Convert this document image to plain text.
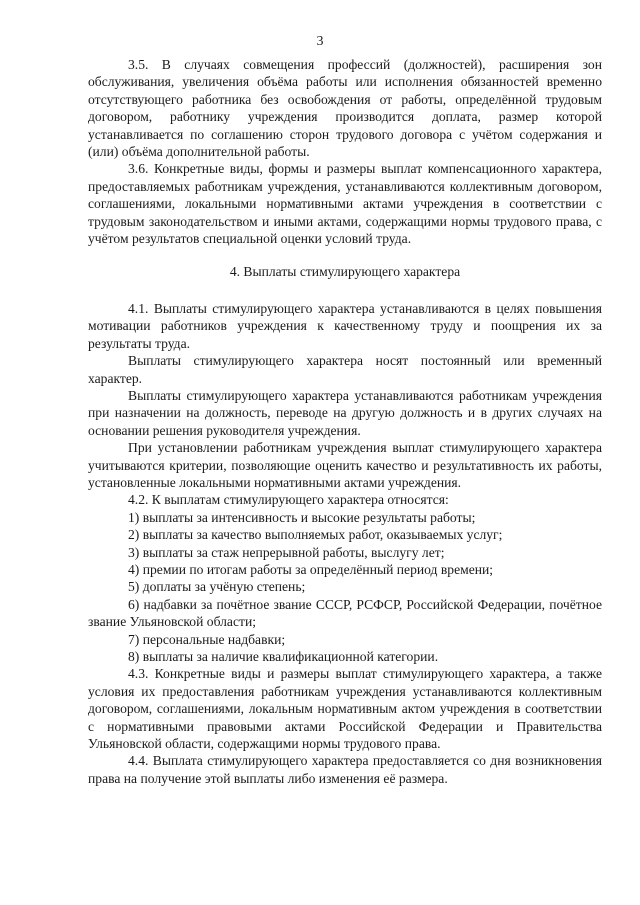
3

3.5. В случаях совмещения профессий (должностей), расширения зон обслуживания, увеличения объёма работы или исполнения обязанностей временно отсутствующего работника без освобождения от работы, определённой трудовым договором, работнику учреждения производится доплата, размер которой устанавливается по соглашению сторон трудового договора с учётом содержания и (или) объёма дополнительной работы.

3.6. Конкретные виды, формы и размеры выплат компенсационного характера, предоставляемых работникам учреждения, устанавливаются коллективным договором, соглашениями, локальными нормативными актами учреждения в соответствии с трудовым законодательством и иными актами, содержащими нормы трудового права, с учётом результатов специальной оценки условий труда.

4. Выплаты стимулирующего характера

4.1. Выплаты стимулирующего характера устанавливаются в целях повышения мотивации работников учреждения к качественному труду и поощрения их за результаты труда.

Выплаты стимулирующего характера носят постоянный или временный характер.

Выплаты стимулирующего характера устанавливаются работникам учреждения при назначении на должность, переводе на другую должность и в других случаях на основании решения руководителя учреждения.

При установлении работникам учреждения выплат стимулирующего характера учитываются критерии, позволяющие оценить качество и результативность их работы, установленные локальными нормативными актами учреждения.

4.2. К выплатам стимулирующего характера относятся:

1) выплаты за интенсивность и высокие результаты работы;

2) выплаты за качество выполняемых работ, оказываемых услуг;

3) выплаты за стаж непрерывной работы, выслугу лет;

4) премии по итогам работы за определённый период времени;

5) доплаты за учёную степень;

6) надбавки за почётное звание СССР, РСФСР, Российской Федерации, почётное звание Ульяновской области;

7) персональные надбавки;

8) выплаты за наличие квалификационной категории.

4.3. Конкретные виды и размеры выплат стимулирующего характера, а также условия их предоставления работникам учреждения устанавливаются коллективным договором, соглашениями, локальным нормативным актом учреждения в соответствии с нормативными правовыми актами Российской Федерации и Правительства Ульяновской области, содержащими нормы трудового права.

4.4. Выплата стимулирующего характера предоставляется со дня возникновения права на получение этой выплаты либо изменения её размера.
